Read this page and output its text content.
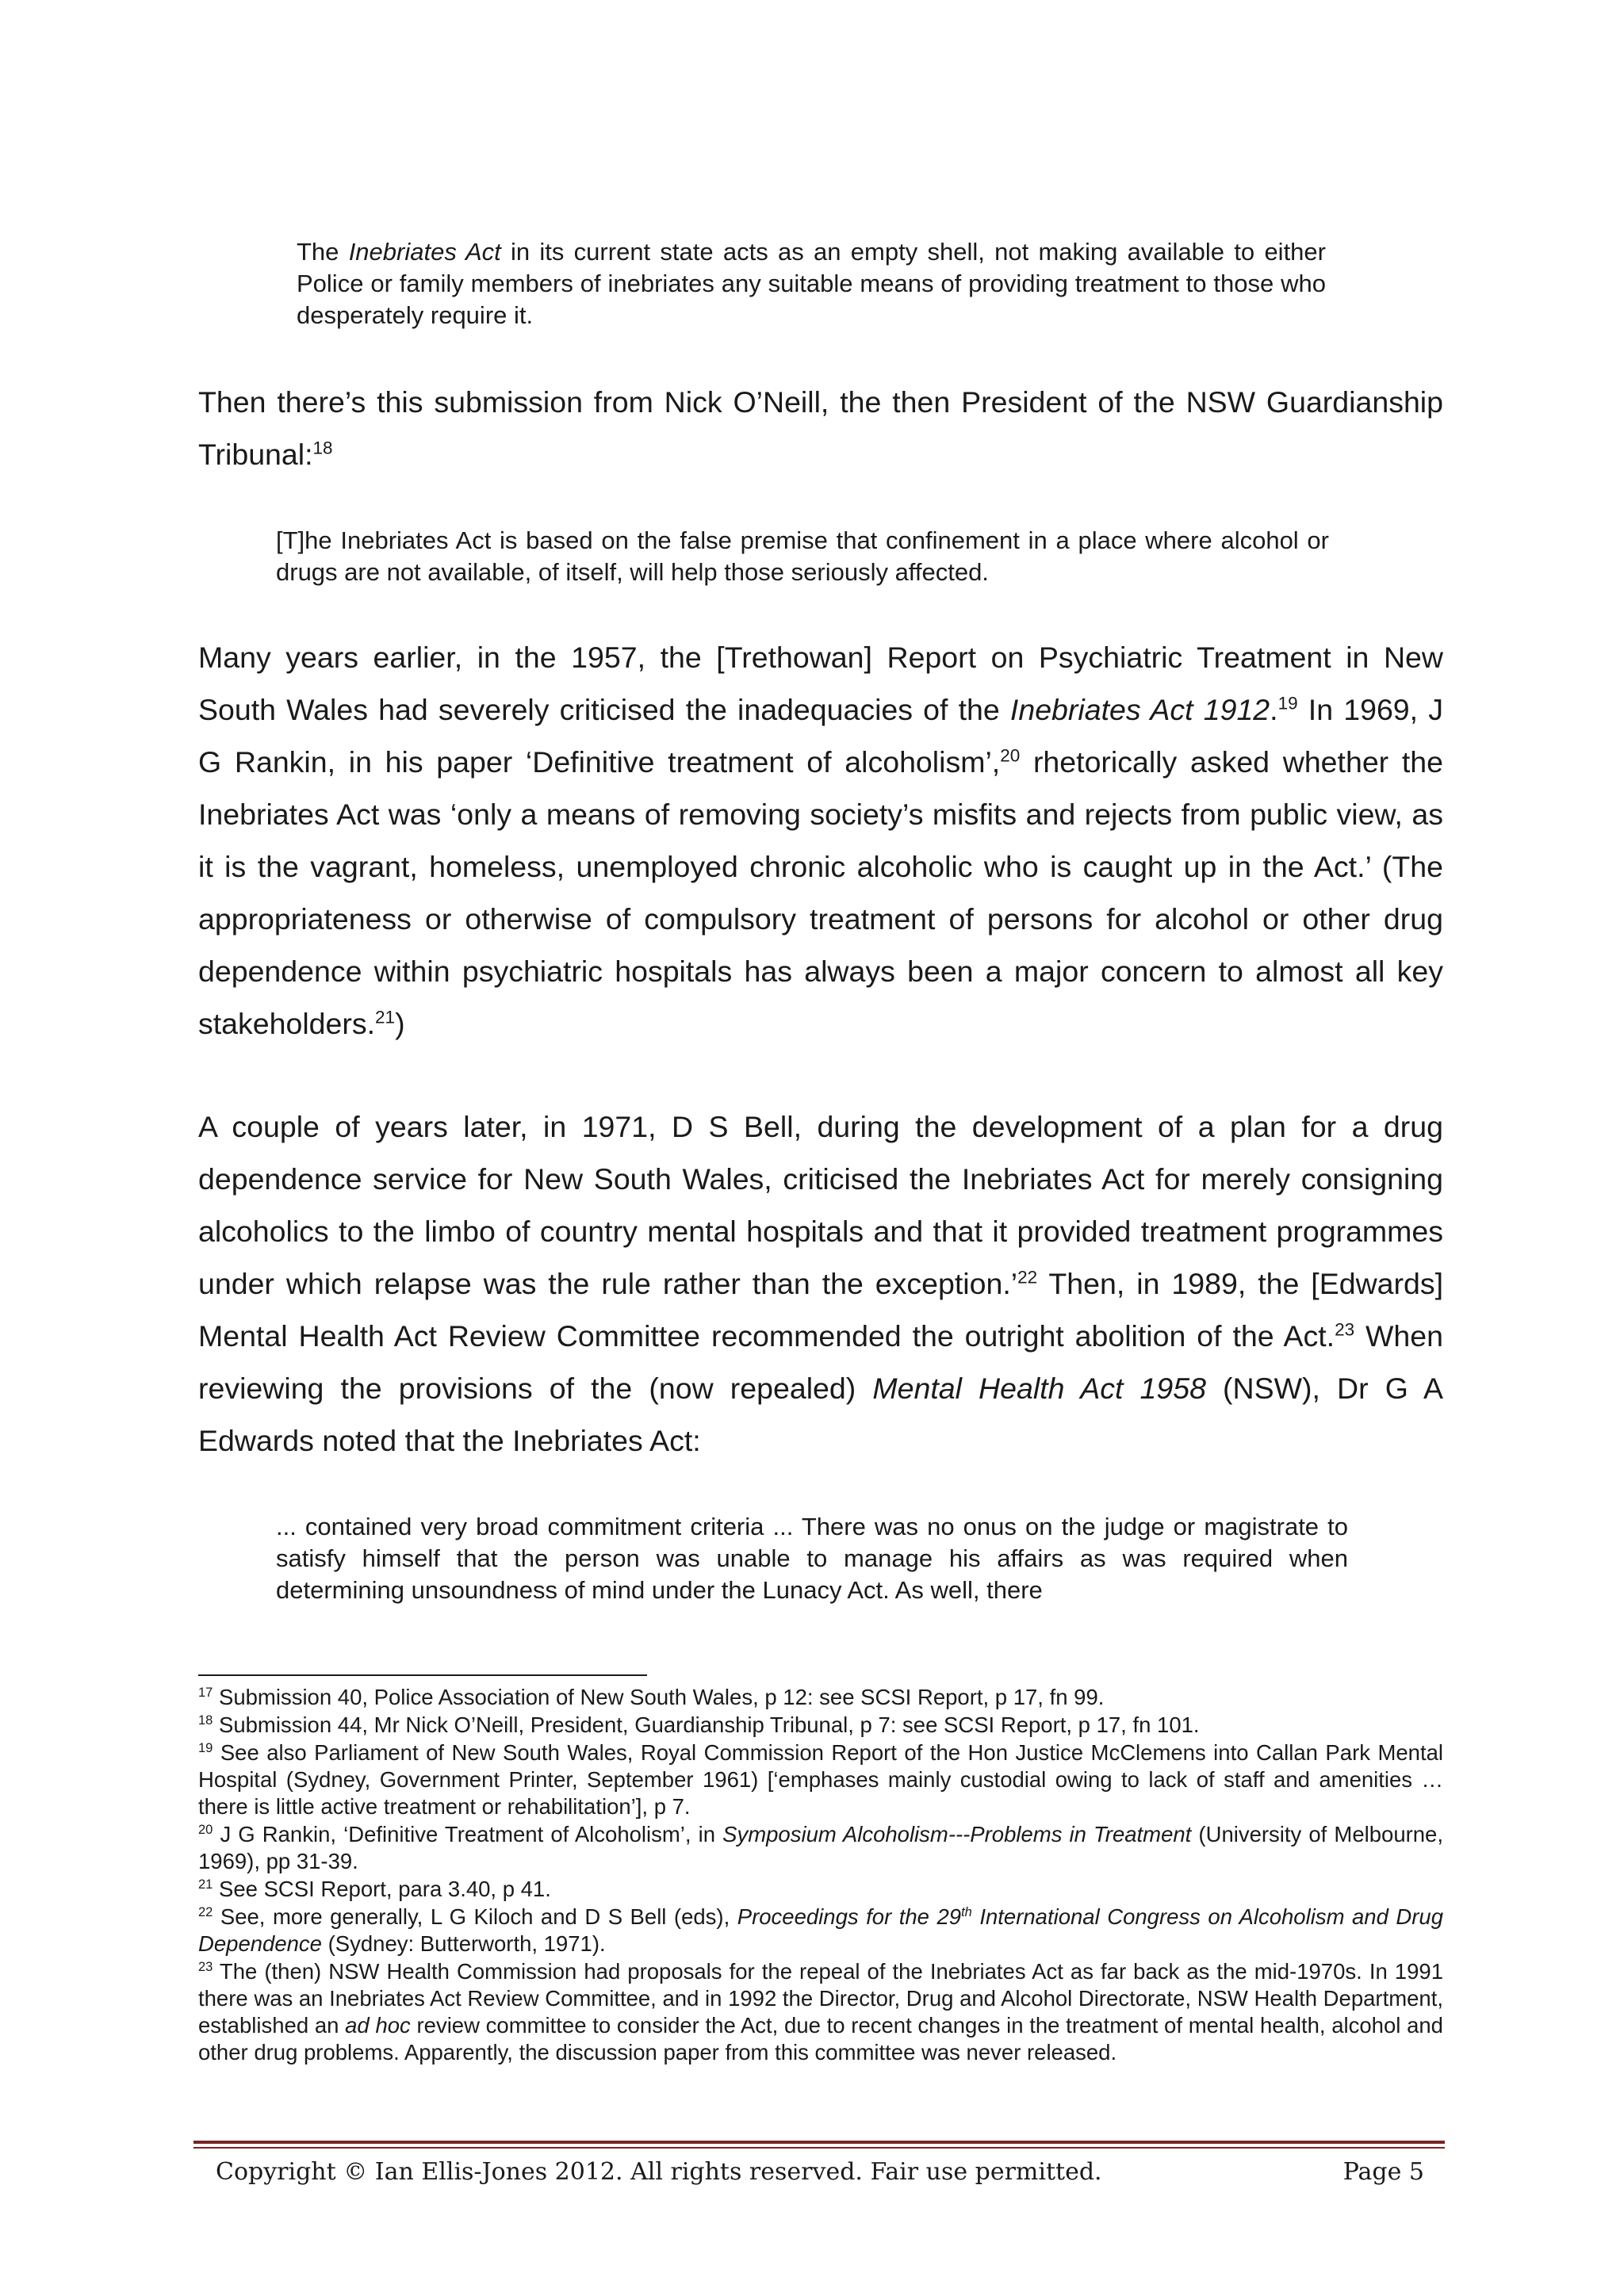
The Inebriates Act in its current state acts as an empty shell, not making available to either Police or family members of inebriates any suitable means of providing treatment to those who desperately require it.

Then there’s this submission from Nick O’Neill, the then President of the NSW Guardianship Tribunal:$^{18}$

[T]he Inebriates Act is based on the false premise that confinement in a place where alcohol or drugs are not available, of itself, will help those seriously affected.

Many years earlier, in the 1957, the [Trethowan] Report on Psychiatric Treatment in New South Wales had severely criticised the inadequacies of the Inebriates Act 1912.19 In 1969, J G Rankin, in his paper ‘Definitive treatment of alcoholism’,$^{20}$ rhetorically asked whether the Inebriates Act was ‘only a means of removing society’s misfits and rejects from public view, as it is the vagrant, homeless, unemployed chronic alcoholic who is caught up in the Act.’ (The appropriateness or otherwise of compulsory treatment of persons for alcohol or other drug dependence within psychiatric hospitals has always been a major concern to almost all key stakeholders.$^{21}$)

A couple of years later, in 1971, D S Bell, during the development of a plan for a drug dependence service for New South Wales, criticised the Inebriates Act for merely consigning alcoholics to the limbo of country mental hospitals and that it provided treatment programmes under which relapse was the rule rather than the exception.’$^{22}$ Then, in 1989, the [Edwards] Mental Health Act Review Committee recommended the outright abolition of the Act.$^{23}$ When reviewing the provisions of the (now repealed) Mental Health Act 1958 (NSW), Dr G A Edwards noted that the Inebriates Act:

... contained very broad commitment criteria ... There was no onus on the judge or magistrate to satisfy himself that the person was unable to manage his affairs as was required when determining unsoundness of mind under the Lunacy Act. As well, there

$^{17}$ Submission 40, Police Association of New South Wales, p 12: see SCSI Report, p 17, fn 99.

$^{18}$ Submission 44, Mr Nick O’Neill, President, Guardianship Tribunal, p 7: see SCSI Report, p 17, fn 101.

$^{19}$ See also Parliament of New South Wales, Royal Commission Report of the Hon Justice McClemens into Callan Park Mental Hospital (Sydney, Government Printer, September 1961) [‘emphases mainly custodial owing to lack of staff and amenities … there is little active treatment or rehabilitation’], p 7.

$^{20}$ J G Rankin, ‘Definitive Treatment of Alcoholism’, in Symposium Alcoholism---Problems in Treatment (University of Melbourne, 1969), pp 31-39.

$^{21}$ See SCSI Report, para 3.40, p 41.

$^{22}$ See, more generally, L G Kiloch and D S Bell (eds), Proceedings for the 29th International Congress on Alcoholism and Drug Dependence (Sydney: Butterworth, 1971).

$^{23}$ The (then) NSW Health Commission had proposals for the repeal of the Inebriates Act as far back as the mid-1970s. In 1991 there was an Inebriates Act Review Committee, and in 1992 the Director, Drug and Alcohol Directorate, NSW Health Department, established an ad hoc review committee to consider the Act, due to recent changes in the treatment of mental health, alcohol and other drug problems. Apparently, the discussion paper from this committee was never released.

Copyright © Ian Ellis-Jones 2012. All rights reserved. Fair use permitted.	Page 5
